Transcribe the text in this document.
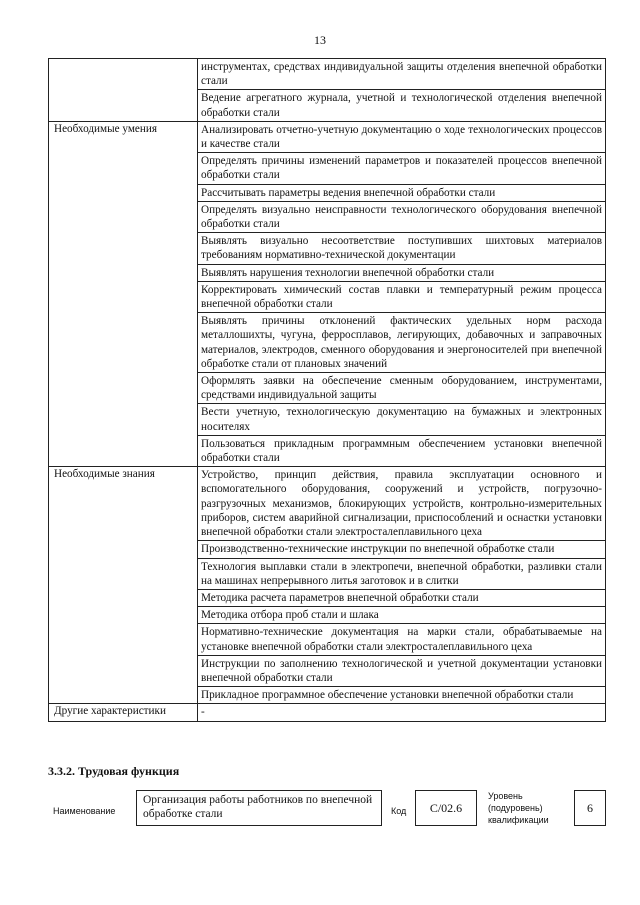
13
	инструментах, средствах индивидуальной защиты отделения внепечной обработки стали
	Ведение агрегатного журнала, учетной и технологической отделения внепечной обработки стали
Необходимые умения	Анализировать отчетно-учетную документацию о ходе технологических процессов и качестве стали
	Определять причины изменений параметров и показателей процессов внепечной обработки стали
	Рассчитывать параметры ведения внепечной обработки стали
	Определять визуально неисправности технологического оборудования внепечной обработки стали
	Выявлять визуально несоответствие поступивших шихтовых материалов требованиям нормативно-технической документации
	Выявлять нарушения технологии внепечной обработки стали
	Корректировать химический состав плавки и температурный режим процесса внепечной обработки стали
	Выявлять причины отклонений фактических удельных норм расхода металлошихты, чугуна, ферросплавов, легирующих, добавочных и заправочных материалов, электродов, сменного оборудования и энергоносителей при внепечной обработке стали от плановых значений
	Оформлять заявки на обеспечение сменным оборудованием, инструментами, средствами индивидуальной защиты
	Вести учетную, технологическую документацию на бумажных и электронных носителях
	Пользоваться прикладным программным обеспечением установки внепечной обработки стали
Необходимые знания	Устройство, принцип действия, правила эксплуатации основного и вспомогательного оборудования, сооружений и устройств, погрузочно-разгрузочных механизмов, блокирующих устройств, контрольно-измерительных приборов, систем аварийной сигнализации, приспособлений и оснастки установки внепечной обработки стали электросталеплавильного цеха
	Производственно-технические инструкции по внепечной обработке стали
	Технология выплавки стали в электропечи, внепечной обработки, разливки стали на машинах непрерывного литья заготовок и в слитки
	Методика расчета параметров внепечной обработки стали
	Методика отбора проб стали и шлака
	Нормативно-технические документация на марки стали, обрабатываемые на установке внепечной обработки стали электросталеплавильного цеха
	Инструкции по заполнению технологической и учетной документации установки внепечной обработки стали
	Прикладное программное обеспечение установки внепечной обработки стали
Другие характеристики	-
3.3.2. Трудовая функция
Наименование
Организация работы работников по внепечной обработке стали	Код	С/02.6
Уровень (подуровень) квалификации
6
